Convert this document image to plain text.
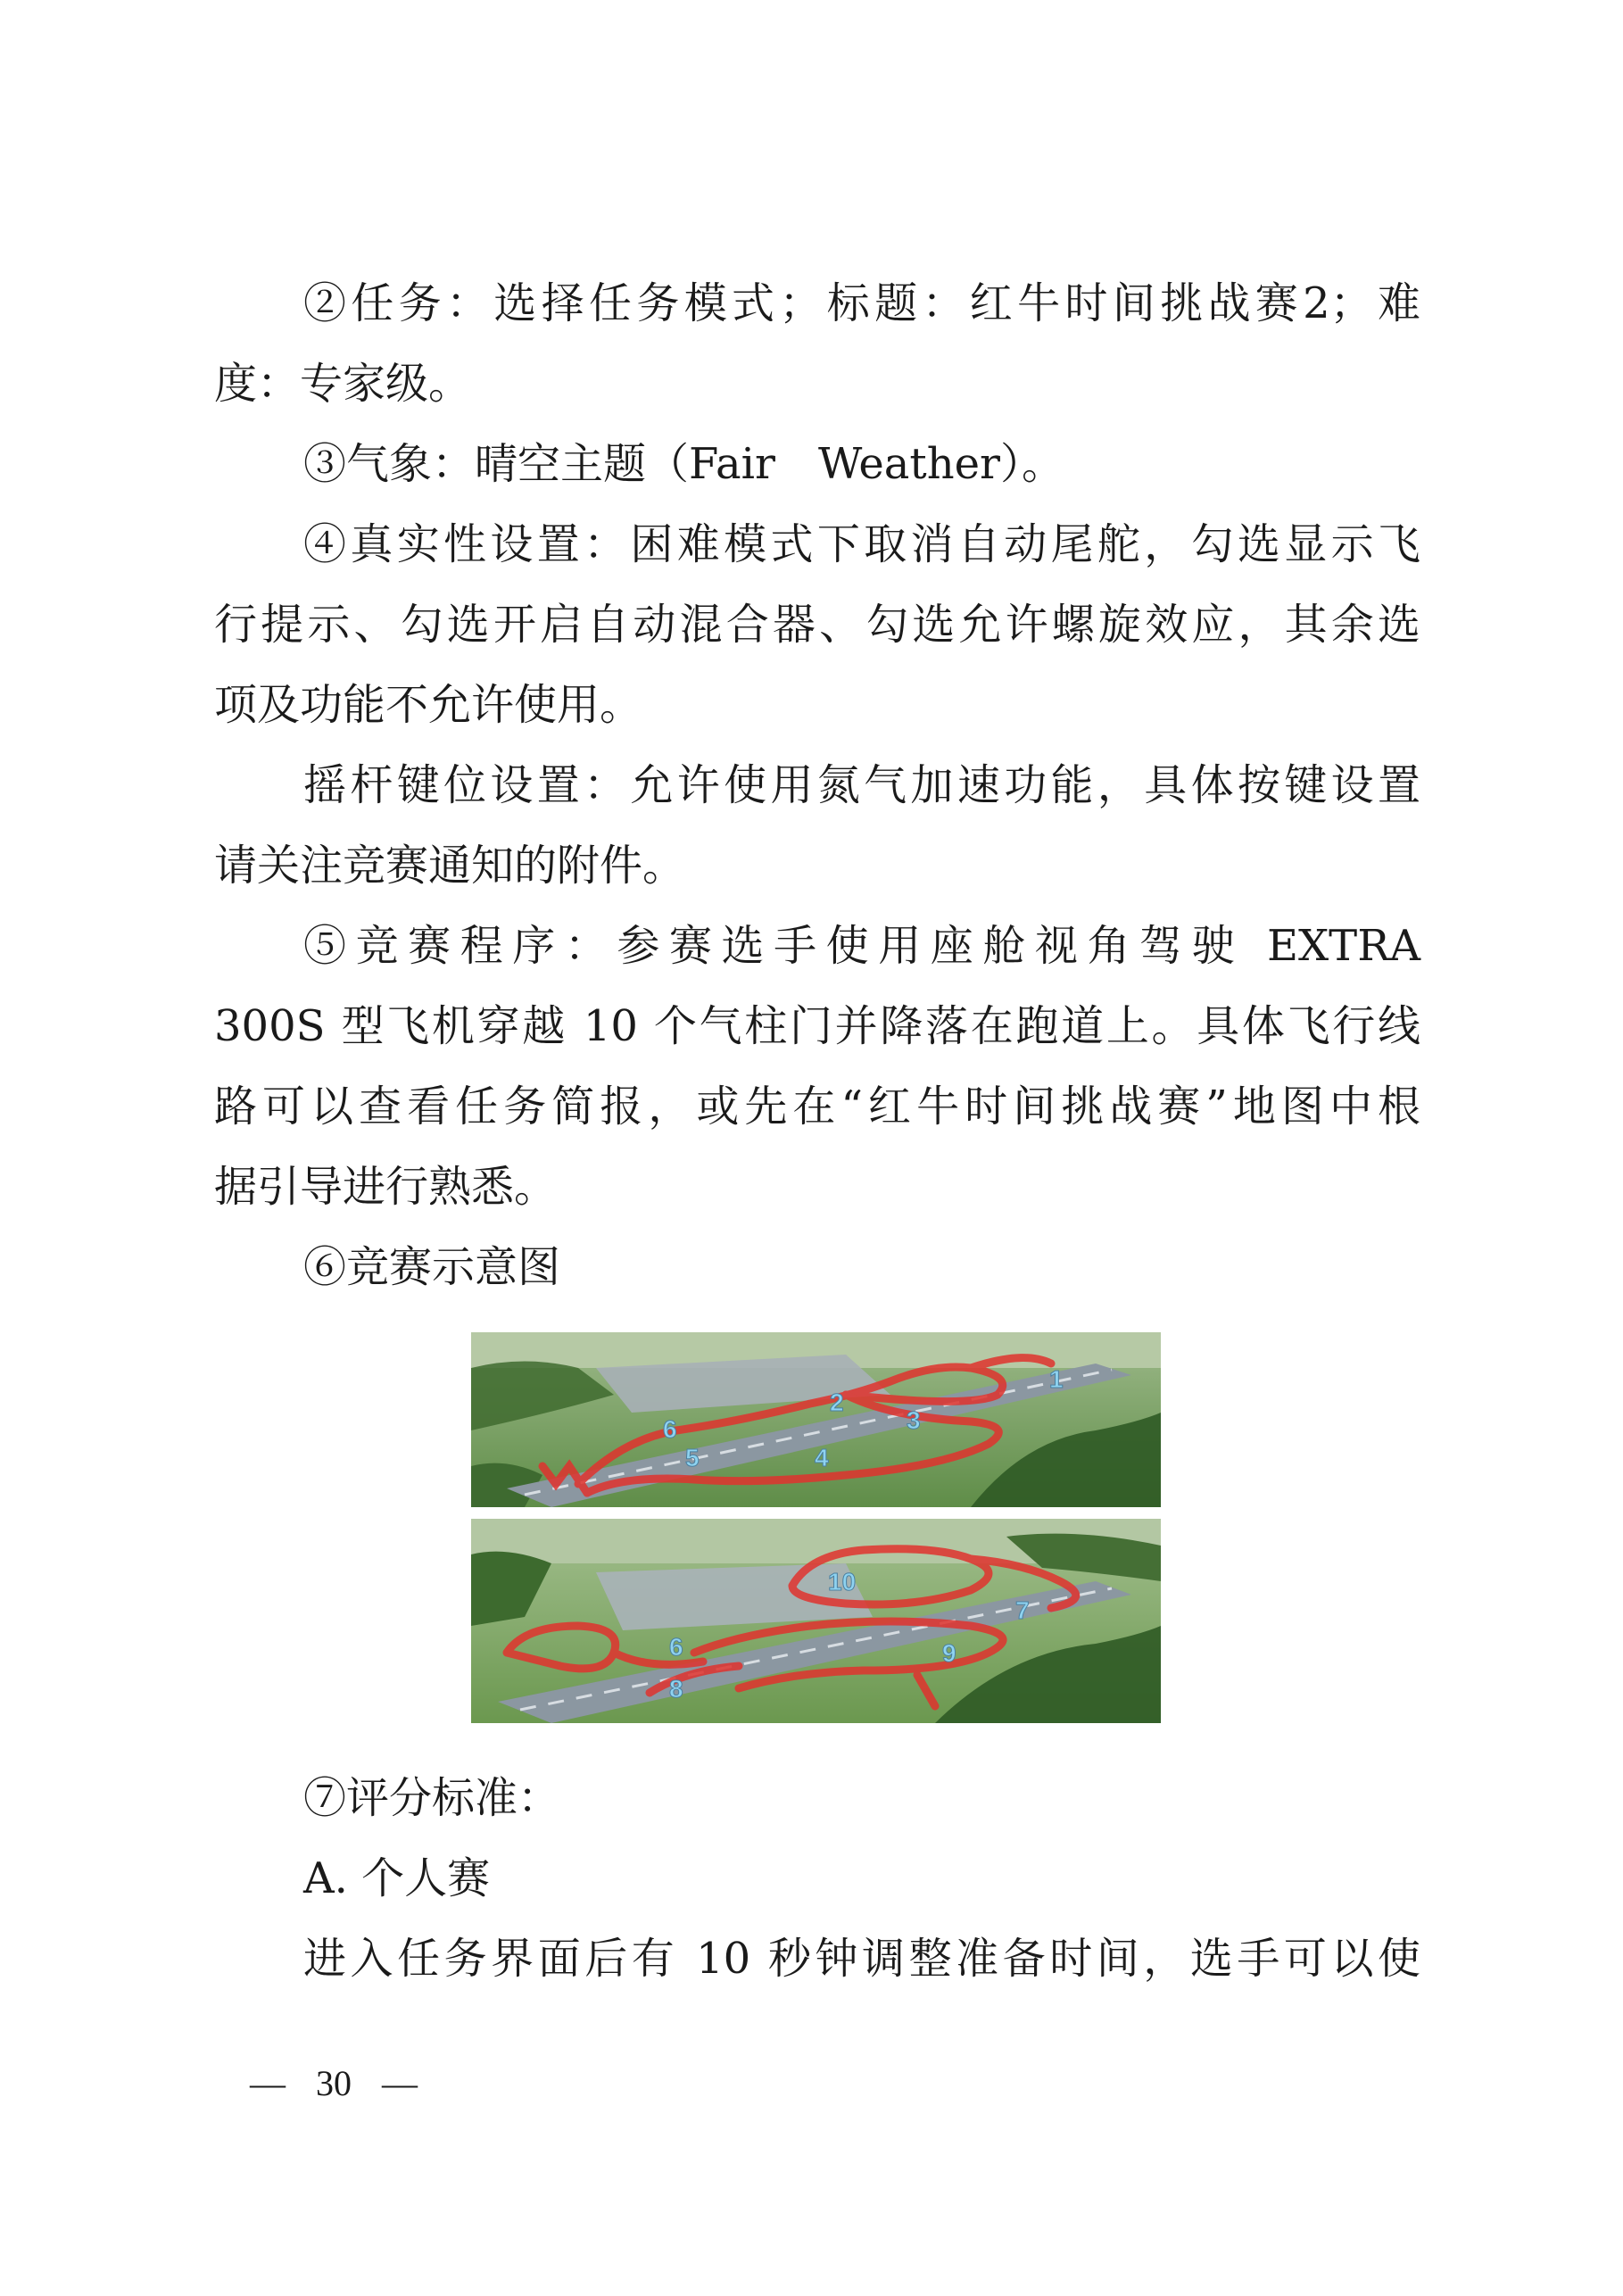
②任务：选择任务模式；标题：红牛时间挑战赛2；难
度：专家级。
③气象：晴空主题（Fair　Weather）。
④真实性设置：困难模式下取消自动尾舵，勾选显示飞
行提示、勾选开启自动混合器、勾选允许螺旋效应，其余选
项及功能不允许使用。
摇杆键位设置：允许使用氮气加速功能，具体按键设置
请关注竞赛通知的附件。
⑤竞赛程序：参赛选手使用座舱视角驾驶 EXTRA
300S 型飞机穿越 10 个气柱门并降落在跑道上。具体飞行线
路可以查看任务简报，或先在“红牛时间挑战赛”地图中根
据引导进行熟悉。
⑥竞赛示意图
1
2
3
4
5
6
6
7
8
9
10
⑦评分标准：
A. 个人赛
进入任务界面后有 10 秒钟调整准备时间，选手可以使
— 30 —
